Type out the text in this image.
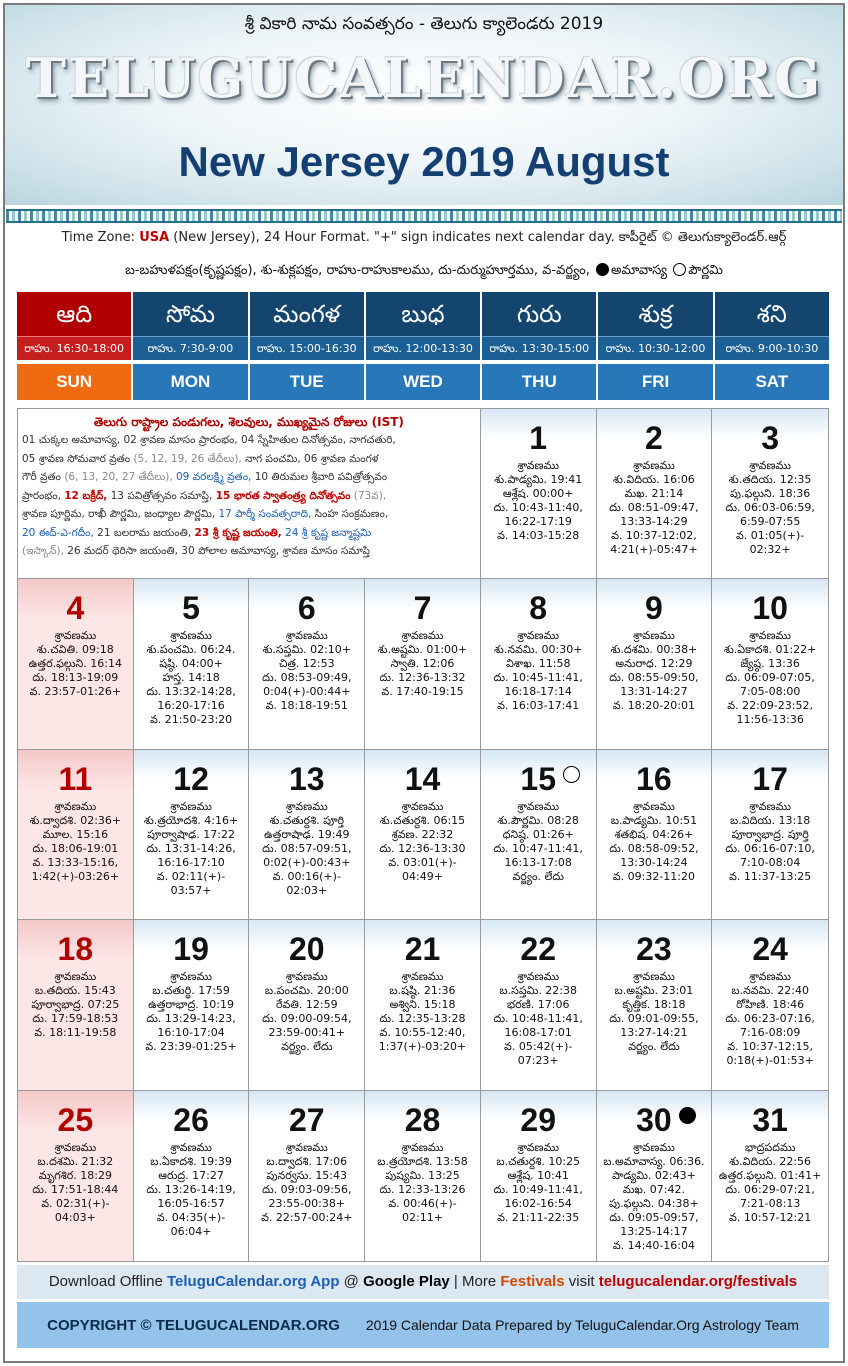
శ్రీ వికారి నామ సంవత్సరం - తెలుగు క్యాలెండరు 2019
TELUGUCALENDAR.ORG
New Jersey 2019 August
Time Zone: USA (New Jersey), 24 Hour Format. "+" sign indicates next calendar day. కాపీరైట్ © తెలుగుక్యాలెండర్.ఆర్గ్
బ-బహుళపక్షం(కృష్ణపక్షం), శు-శుక్లపక్షం, రాహు-రాహుకాలము, దు-దుర్ముహూర్తము, వ-వర్జ్యం, అమావాస్య పౌర్ణమి
ఆది
రాహు. 16:30-18:00
SUN
సోమ
రాహు. 7:30-9:00
MON
మంగళ
రాహు. 15:00-16:30
TUE
బుధ
రాహు. 12:00-13:30
WED
గురు
రాహు. 13:30-15:00
THU
శుక్ర
రాహు. 10:30-12:00
FRI
శని
రాహు. 9:00-10:30
SAT
తెలుగు రాష్ట్రాల పండుగలు, శెలవులు, ముఖ్యమైన రోజులు (IST)
01 చుక్కల అమావాస్య, 02 శ్రావణ మాసం ప్రారంభం, 04 స్నేహితుల దినోత్సవం, నాగచతురి,
05 శ్రావణ సోమవార వ్రతం (5, 12, 19, 26 తేదీలు), నాగ పంచమి, 06 శ్రావణ మంగళ
గౌరీ వ్రతం (6, 13, 20, 27 తేదీలు), 09 వరలక్ష్మి వ్రతం, 10 తిరుమల శ్రీవారి పవిత్రోత్సవం
ప్రారంభం, 12 బక్రీద్, 13 పవిత్రోత్సవం సమాప్తి, 15 భారత స్వాతంత్ర్య దినోత్సవం (73వ),
శ్రావణ పూర్ణిమ, రాఖీ పౌర్ణమి, జంధ్యాల పౌర్ణమి, 17 పార్శీ సంవత్సరాది, సింహ సంక్రమణం,
20 ఈద్-ఎ-గదీం, 21 బలరామ జయంతి, 23 శ్రీ కృష్ణ జయంతి, 24 శ్రీ కృష్ణ జన్మాష్టమి
(ఇస్కాన్), 26 మదర్ థెరిసా జయంతి, 30 పోలాల అమావాస్య, శ్రావణ మాసం సమాప్తి
1
శ్రావణము
శు.పాడ్యమి. 19:41
ఆశ్లేష. 00:00+
దు. 10:43-11:40,
16:22-17:19
వ. 14:03-15:28
2
శ్రావణము
శు.విదియ. 16:06
మఖ. 21:14
దు. 08:51-09:47,
13:33-14:29
వ. 10:37-12:02,
4:21(+)-05:47+
3
శ్రావణము
శు.తదియ. 12:35
పు.ఫల్గుని. 18:36
దు. 06:03-06:59,
6:59-07:55
వ. 01:05(+)-
02:32+
4
శ్రావణము
శు.చవితి. 09:18
ఉత్తర.ఫల్గుని. 16:14
దు. 18:13-19:09
వ. 23:57-01:26+
5
శ్రావణము
శు.పంచమి. 06:24.
షష్ఠి. 04:00+
హస్త. 14:18
దు. 13:32-14:28,
16:20-17:16
వ. 21:50-23:20
6
శ్రావణము
శు.సప్తమి. 02:10+
చిత్ర. 12:53
దు. 08:53-09:49,
0:04(+)-00:44+
వ. 18:18-19:51
7
శ్రావణము
శు.అష్టమి. 01:00+
స్వాతి. 12:06
దు. 12:36-13:32
వ. 17:40-19:15
8
శ్రావణము
శు.నవమి. 00:30+
విశాఖ. 11:58
దు. 10:45-11:41,
16:18-17:14
వ. 16:03-17:41
9
శ్రావణము
శు.దశమి. 00:38+
అనురాధ. 12:29
దు. 08:55-09:50,
13:31-14:27
వ. 18:20-20:01
10
శ్రావణము
శు.ఏకాదశి. 01:22+
జ్యేష్ఠ. 13:36
దు. 06:09-07:05,
7:05-08:00
వ. 22:09-23:52,
11:56-13:36
11
శ్రావణము
శు.ద్వాదశి. 02:36+
మూల. 15:16
దు. 18:06-19:01
వ. 13:33-15:16,
1:42(+)-03:26+
12
శ్రావణము
శు.త్రయోదశి. 4:16+
పూర్వాషాఢ. 17:22
దు. 13:31-14:26,
16:16-17:10
వ. 02:11(+)-
03:57+
13
శ్రావణము
శు.చతుర్దశి. పూర్తి
ఉత్తరాషాఢ. 19:49
దు. 08:57-09:51,
0:02(+)-00:43+
వ. 00:16(+)-
02:03+
14
శ్రావణము
శు.చతుర్దశి. 06:15
శ్రవణ. 22:32
దు. 12:36-13:30
వ. 03:01(+)-
04:49+
15
శ్రావణము
శు.పౌర్ణమి. 08:28
ధనిష్ఠ. 01:26+
దు. 10:47-11:41,
16:13-17:08
వర్జ్యం. లేదు
16
శ్రావణము
బ.పాడ్యమి. 10:51
శతభిష. 04:26+
దు. 08:58-09:52,
13:30-14:24
వ. 09:32-11:20
17
శ్రావణము
బ.విదియ. 13:18
పూర్వాభాద్ర. పూర్తి
దు. 06:16-07:10,
7:10-08:04
వ. 11:37-13:25
18
శ్రావణము
బ.తదియ. 15:43
పూర్వాభాద్ర. 07:25
దు. 17:59-18:53
వ. 18:11-19:58
19
శ్రావణము
బ.చతుర్థి. 17:59
ఉత్తరాభాద్ర. 10:19
దు. 13:29-14:23,
16:10-17:04
వ. 23:39-01:25+
20
శ్రావణము
బ.పంచమి. 20:00
రేవతి. 12:59
దు. 09:00-09:54,
23:59-00:41+
వర్జ్యం. లేదు
21
శ్రావణము
బ.షష్ఠి. 21:36
అశ్విని. 15:18
దు. 12:35-13:28
వ. 10:55-12:40,
1:37(+)-03:20+
22
శ్రావణము
బ.సప్తమి. 22:38
భరణి. 17:06
దు. 10:48-11:41,
16:08-17:01
వ. 05:42(+)-
07:23+
23
శ్రావణము
బ.అష్టమి. 23:01
కృత్తిక. 18:18
దు. 09:01-09:55,
13:27-14:21
వర్జ్యం. లేదు
24
శ్రావణము
బ.నవమి. 22:40
రోహిణి. 18:46
దు. 06:23-07:16,
7:16-08:09
వ. 10:37-12:15,
0:18(+)-01:53+
25
శ్రావణము
బ.దశమి. 21:32
మృగశిర. 18:29
దు. 17:51-18:44
వ. 02:31(+)-
04:03+
26
శ్రావణము
బ.ఏకాదశి. 19:39
ఆరుద్ర. 17:27
దు. 13:26-14:19,
16:05-16:57
వ. 04:35(+)-
06:04+
27
శ్రావణము
బ.ద్వాదశి. 17:06
పునర్వసు. 15:43
దు. 09:03-09:56,
23:55-00:38+
వ. 22:57-00:24+
28
శ్రావణము
బ.త్రయోదశి. 13:58
పుష్యమి. 13:25
దు. 12:33-13:26
వ. 00:46(+)-
02:11+
29
శ్రావణము
బ.చతుర్దశి. 10:25
ఆశ్లేష. 10:41
దు. 10:49-11:41,
16:02-16:54
వ. 21:11-22:35
30
శ్రావణము
బ.అమావాస్య. 06:36.
పాడ్యమి. 02:43+
మఖ. 07:42.
పు.ఫల్గుని. 04:38+
దు. 09:05-09:57,
13:25-14:17
వ. 14:40-16:04
31
భాద్రపదము
శు.విదియ. 22:56
ఉత్తర.ఫల్గుని. 01:41+
దు. 06:29-07:21,
7:21-08:13
వ. 10:57-12:21
Download Offline TeluguCalendar.org App @ Google Play | More Festivals visit telugucalendar.org/festivals
COPYRIGHT © TELUGUCALENDAR.ORG 2019 Calendar Data Prepared by TeluguCalendar.Org Astrology Team
